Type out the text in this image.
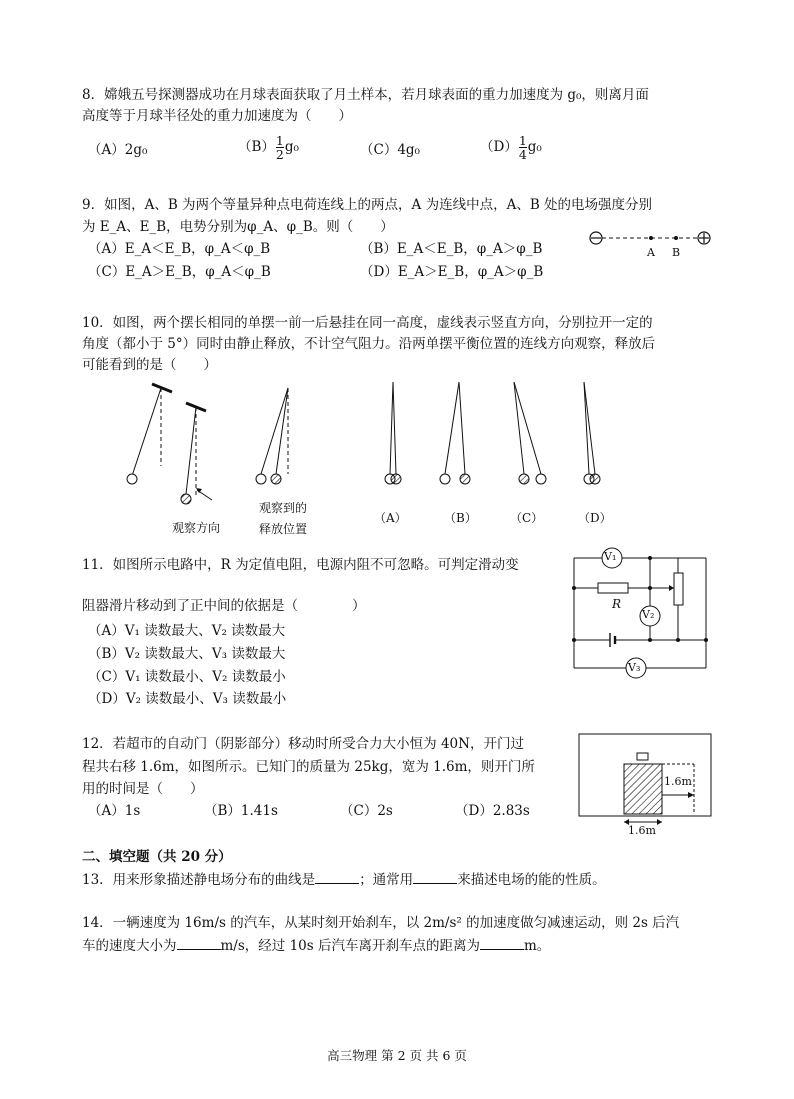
8．嫦娥五号探测器成功在月球表面获取了月土样本，若月球表面的重力加速度为 g₀，则离月面
高度等于月球半径处的重力加速度为（　　）
（A）2g₀	$(B) \frac{1}{2} g_0$	（C）4g₀	$(D) \frac{1}{4} g_0$
9．如图，A、B 为两个等量异种点电荷连线上的两点，A 为连线中点，A、B 处的电场强度分别
为 E_A、E_B，电势分别为φ_A、φ_B。则（　　）
（A）E_A＜E_B，φ_A＜φ_B	（B）E_A＜E_B，φ_A＞φ_B
（C）E_A＞E_B，φ_A＜φ_B	（D）E_A＞E_B，φ_A＞φ_B
A B
10．如图，两个摆长相同的单摆一前一后悬挂在同一高度，虚线表示竖直方向，分别拉开一定的
角度（都小于 5°）同时由静止释放，不计空气阻力。沿两单摆平衡位置的连线方向观察，释放后
可能看到的是（　　）
观察方向
观察到的
释放位置
（A）	（B）	（C）	（D）
11．如图所示电路中，R 为定值电阻，电源内阻不可忽略。可判定滑动变
阻器滑片移动到了正中间的依据是（　　　　）
（A）V₁ 读数最大、V₂ 读数最大
（B）V₂ 读数最大、V₃ 读数最大
（C）V₁ 读数最小、V₂ 读数最小
（D）V₂ 读数最小、V₃ 读数最小
V₁
V₂
V₃
R
12．若超市的自动门（阴影部分）移动时所受合力大小恒为 40N，开门过
程共右移 1.6m，如图所示。已知门的质量为 25kg，宽为 1.6m，则开门所
用的时间是（　　）
（A）1s	（B）1.41s	（C）2s	（D）2.83s
1.6m
1.6m
二、填空题（共 20 分）
13．用来形象描述静电场分布的曲线是	；通常用	来描述电场的能的性质。
14．一辆速度为 16m/s 的汽车，从某时刻开始刹车，以 2m/s² 的加速度做匀减速运动，则 2s 后汽
车的速度大小为	m/s，经过 10s 后汽车离开刹车点的距离为	m。
高三物理 第 2 页 共 6 页
